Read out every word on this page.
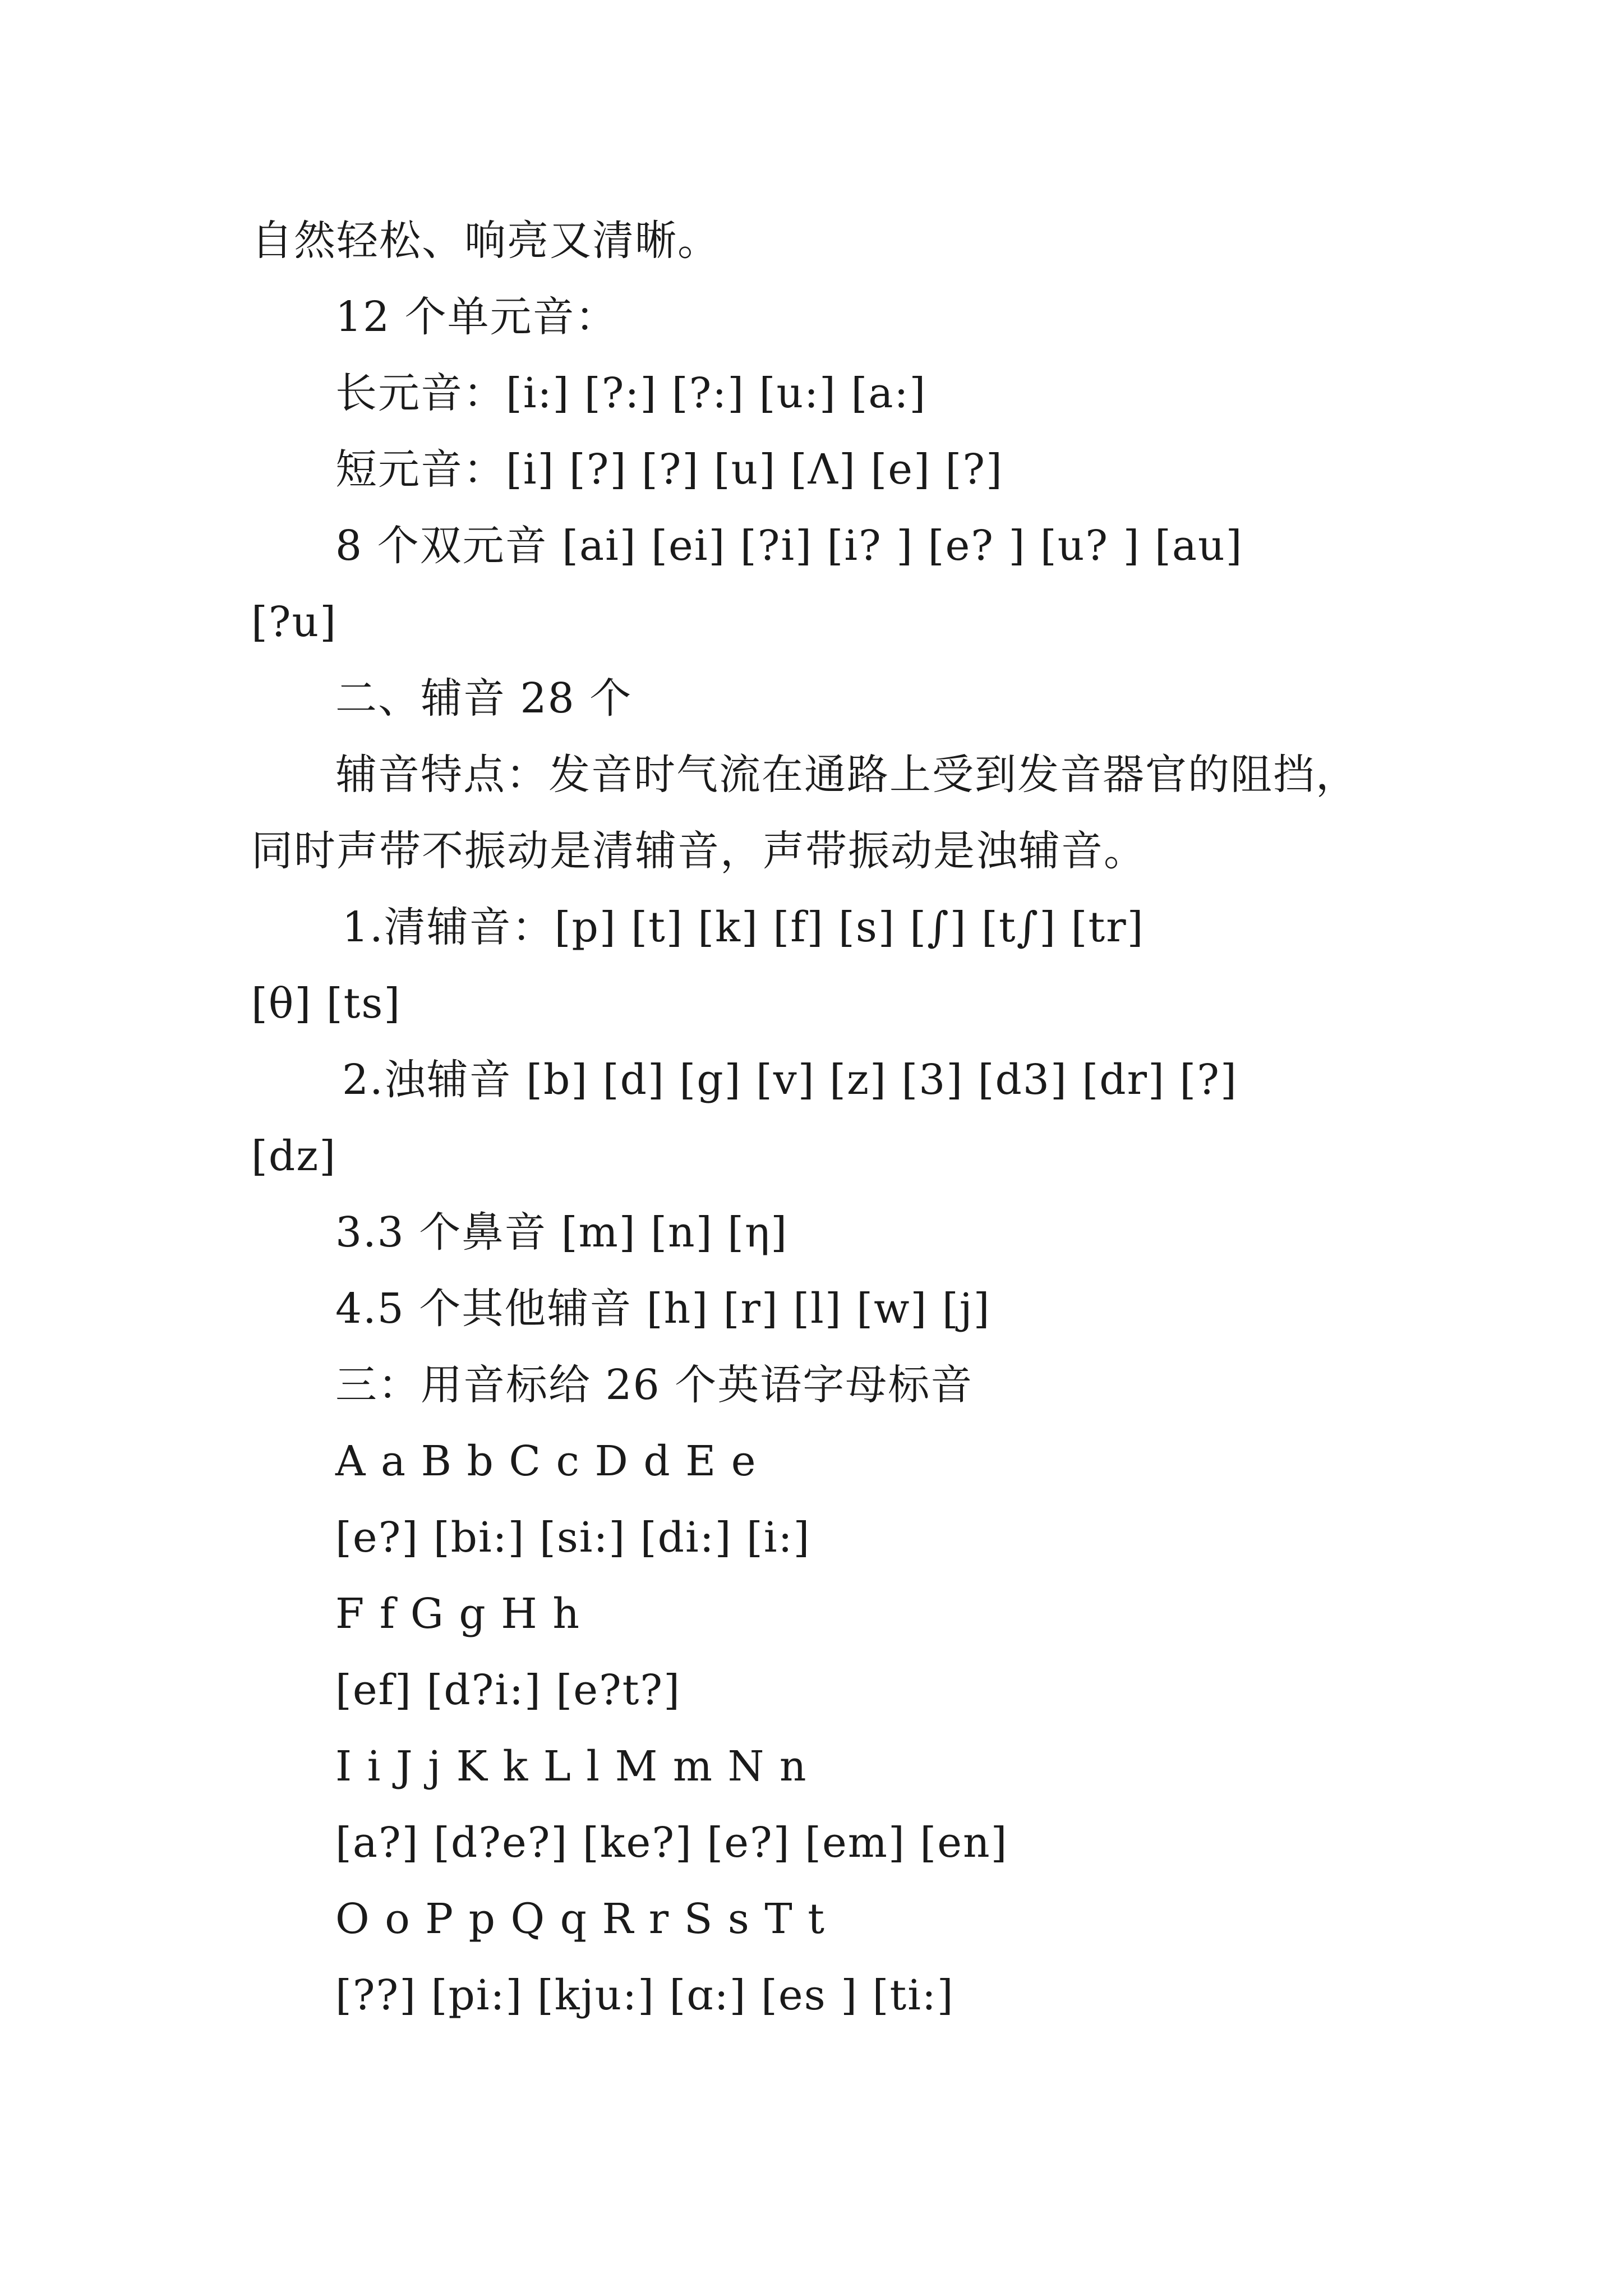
自然轻松、响亮又清晰。
12 个单元音：
长元音：[i:] [?:] [?:] [u:] [a:]
短元音：[i] [?] [?] [u] [Λ] [e] [?]
8 个双元音 [ai] [ei] [?i] [i? ] [e? ] [u? ] [au]
[?u]
二、辅音 28 个
辅音特点：发音时气流在通路上受到发音器官的阻挡，
同时声带不振动是清辅音，声带振动是浊辅音。
1.清辅音：[p] [t] [k] [f] [s] [∫] [t∫] [tr]
[θ] [ts]
2.浊辅音 [b] [d] [g] [v] [z] [3] [d3] [dr] [?]
[dz]
3.3 个鼻音 [m] [n] [η]
4.5 个其他辅音 [h] [r] [l] [w] [j]
三：用音标给 26 个英语字母标音
A a B b C c D d E e
[e?] [bi:] [si:] [di:] [i:]
F f G g H h
[ef] [d?i:] [e?t?]
I i J j K k L l M m N n
[a?] [d?e?] [ke?] [e?] [em] [en]
O o P p Q q R r S s T t
[??] [pi:] [kju:] [ɑ:] [es ] [ti:]
